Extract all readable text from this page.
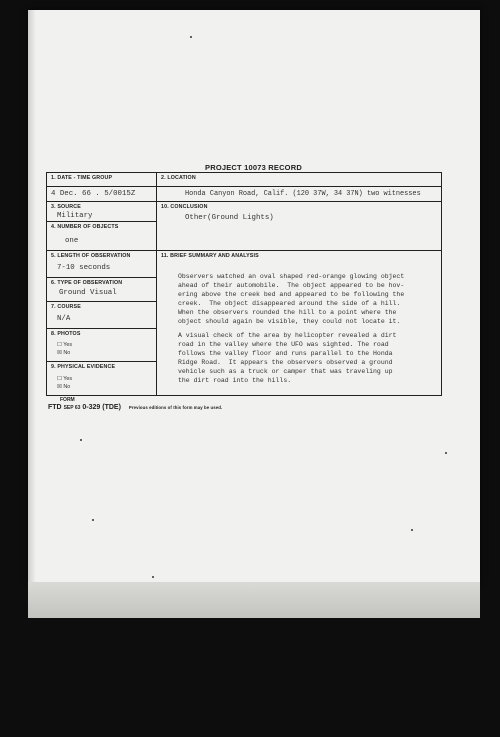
PROJECT 10073 RECORD
1. DATE - TIME GROUP
4 Dec. 66 . 5/0015Z
2. LOCATION
Honda Canyon Road, Calif. (120 37W, 34 37N) two witnesses
3. SOURCE
Military
10. CONCLUSION
Other(Ground Lights)
4. NUMBER OF OBJECTS
one
5. LENGTH OF OBSERVATION
7-10 seconds
11. BRIEF SUMMARY AND ANALYSIS
Observers watched an oval shaped red-orange glowing object
ahead of their automobile.  The object appeared to be hov-
ering above the creek bed and appeared to be following the
creek.  The object disappeared around the side of a hill.
When the observers rounded the hill to a point where the
object should again be visible, they could not locate it.
A visual check of the area by helicopter revealed a dirt
road in the valley where the UFO was sighted. The road
follows the valley floor and runs parallel to the Honda
Ridge Road.  It appears the observers observed a ground
vehicle such as a truck or camper that was traveling up
the dirt road into the hills.
6. TYPE OF OBSERVATION
Ground Visual
7. COURSE
N/A
8. PHOTOS
☐ Yes
☒ No
9. PHYSICAL EVIDENCE
☐ Yes
☒ No
FORM
FTD SEP 63 0-329 (TDE) Previous editions of this form may be used.
